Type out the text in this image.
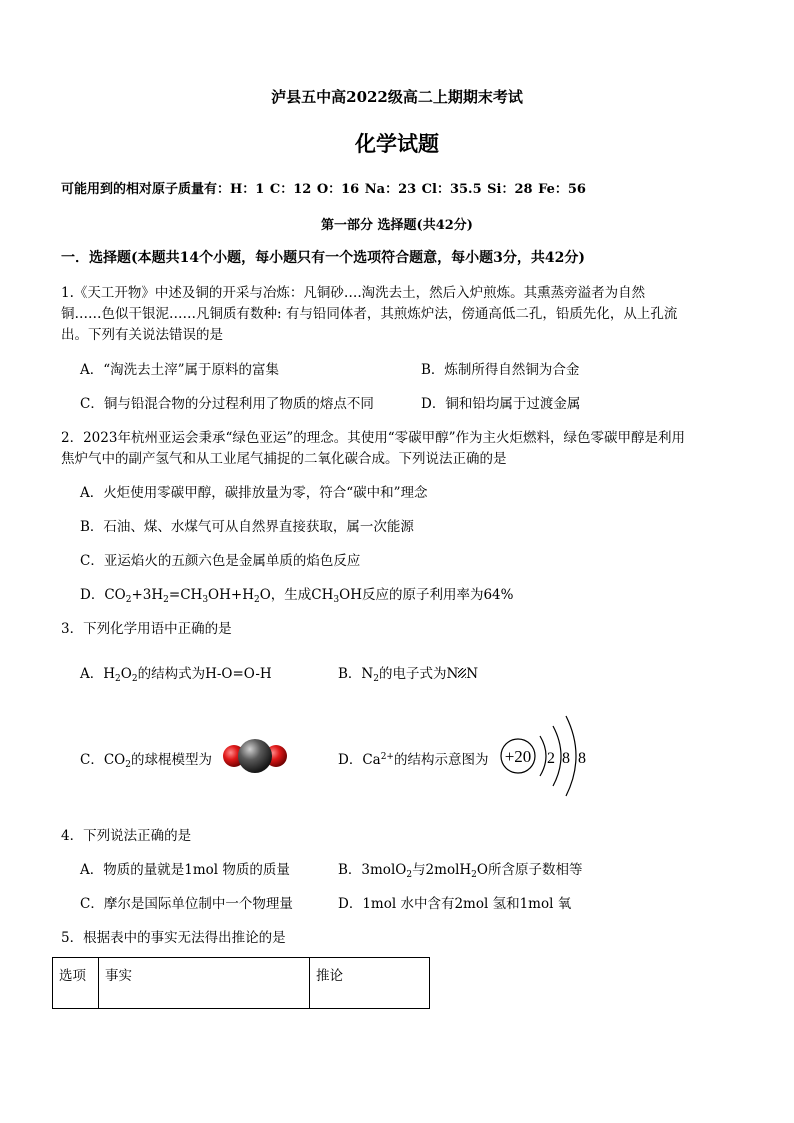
泸县五中高2022级高二上期期末考试
化学试题
可能用到的相对原子质量有：H：1 C：12 O：16 Na：23 Cl：35.5 Si：28 Fe：56
第一部分 选择题(共42分)
一．选择题(本题共14个小题，每小题只有一个选项符合题意，每小题3分，共42分)
1.《天工开物》中述及铜的开采与冶炼：凡铜砂….淘洗去土，然后入炉煎炼。其熏蒸旁溢者为自然
铜……色似干银泥……凡铜质有数种: 有与铅同体者，其煎炼炉法，傍通高低二孔，铅质先化，从上孔流
出。下列有关说法错误的是
A．“淘洗去土滓”属于原料的富集	B．炼制所得自然铜为合金
C．铜与铅混合物的分过程利用了物质的熔点不同	D．铜和铅均属于过渡金属
2．2023年杭州亚运会秉承“绿色亚运”的理念。其使用“零碳甲醇”作为主火炬燃料，绿色零碳甲醇是利用
焦炉气中的副产氢气和从工业尾气捕捉的二氧化碳合成。下列说法正确的是
A．火炬使用零碳甲醇，碳排放量为零，符合“碳中和”理念
B．石油、煤、水煤气可从自然界直接获取，属一次能源
C．亚运焰火的五颜六色是金属单质的焰色反应
D．$CO_2+3H_2=CH_3OH+H_2O$，生成$CH_3OH$反应的原子利用率为64%
3．下列化学用语中正确的是
A．$H_2O_2$的结构式为H-O=O-H	B．$N_2$的电子式为N N
C．$CO_2$的球棍模型为	D．$Ca^{2+}$的结构示意图为 +20 2 8 8
4．下列说法正确的是
A．物质的量就是1mol 物质的质量	B．3molO$_2$与2molH$_2$O所含原子数相等
C．摩尔是国际单位制中一个物理量	D．1mol 水中含有2mol 氢和1mol 氧
5．根据表中的事实无法得出推论的是
选项	事实	推论
